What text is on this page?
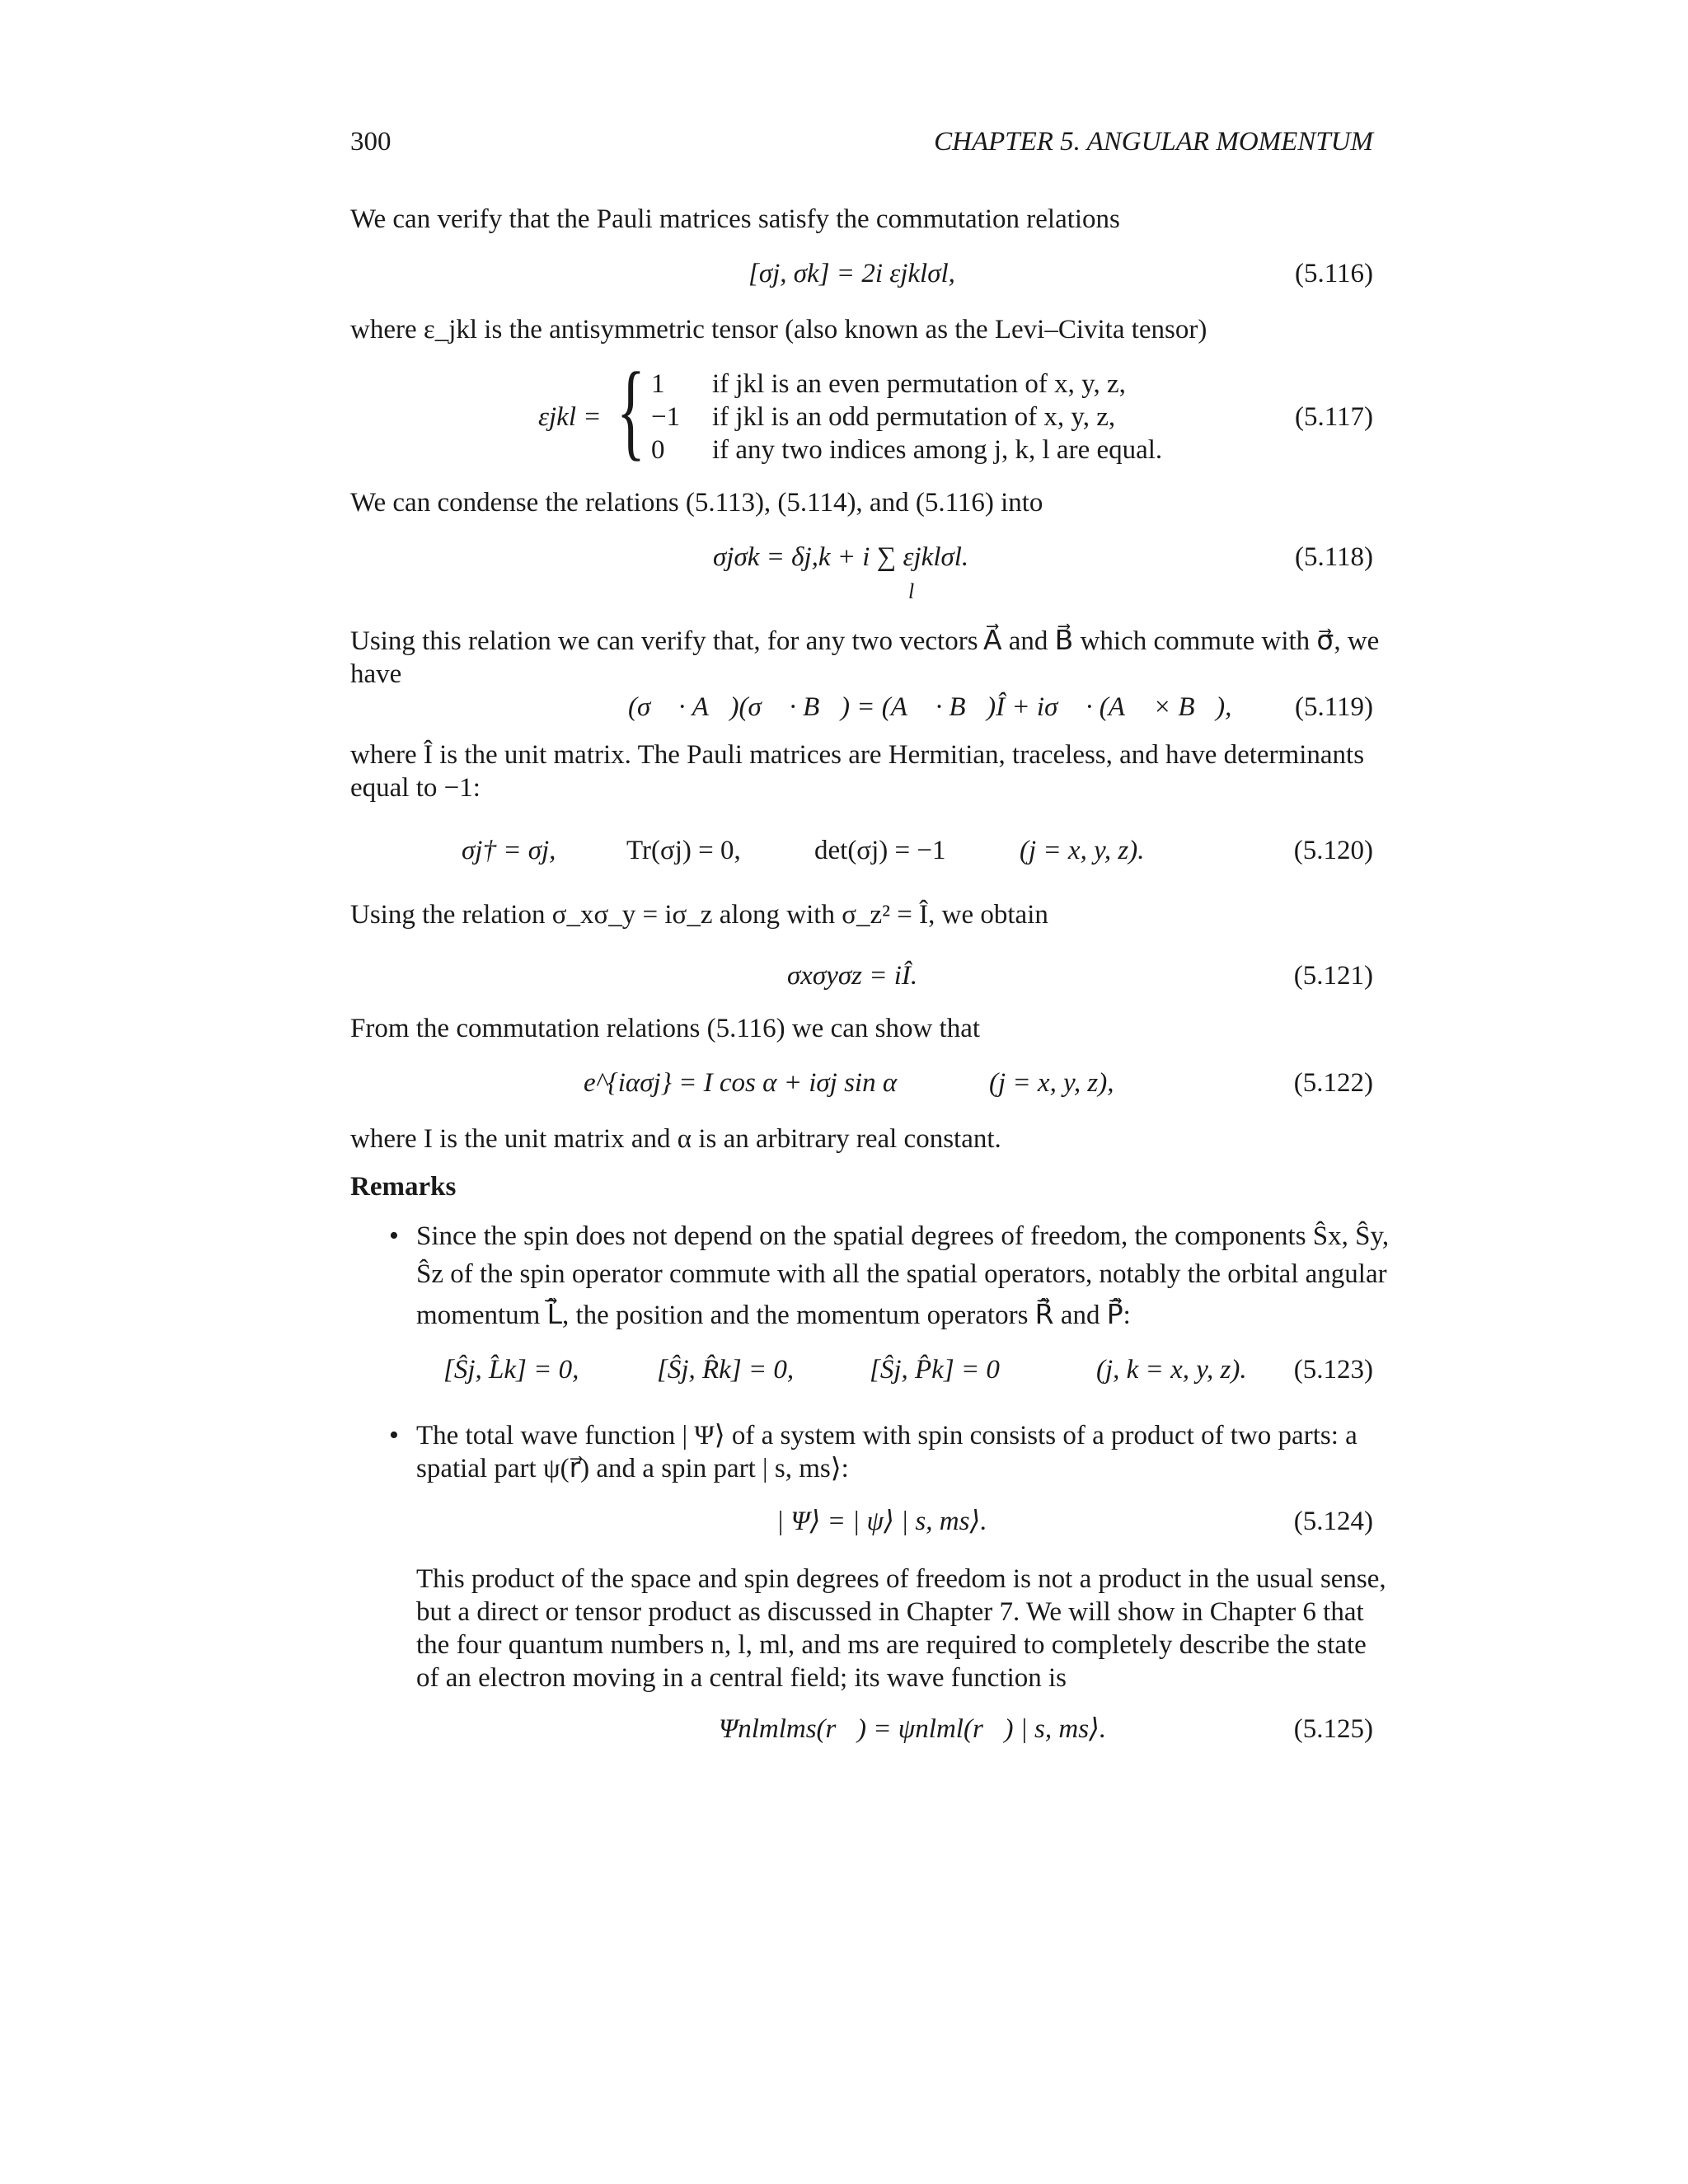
300	CHAPTER 5. ANGULAR MOMENTUM
We can verify that the Pauli matrices satisfy the commutation relations
[σj, σk] = 2i εjklσl,	(5.116)
where ε_jkl is the antisymmetric tensor (also known as the Levi–Civita tensor)
εjkl = { 1	if jkl is an even permutation of x, y, z,
−1	if jkl is an odd permutation of x, y, z,
0	if any two indices among j, k, l are equal.
(5.117)
We can condense the relations (5.113), (5.114), and (5.116) into
σjσk = δj,k + i ∑ εjklσl.
l
(5.118)
Using this relation we can verify that, for any two vectors A⃗ and B⃗ which commute with σ⃗, we
have
(σ⃗ · A⃗)(σ⃗ · B⃗) = (A⃗ · B⃗)Î + iσ⃗ · (A⃗ × B⃗), (5.119)
where Î is the unit matrix. The Pauli matrices are Hermitian, traceless, and have determinants
equal to −1:
σj† = σj,	Tr(σj) = 0,	det(σj) = −1	(j = x, y, z).	(5.120)
Using the relation σ_xσ_y = iσ_z along with σ_z² = Î, we obtain
σxσyσz = iÎ.	(5.121)
From the commutation relations (5.116) we can show that
e^{iασj} = I cos α + iσj sin α	(j = x, y, z),	(5.122)
where I is the unit matrix and α is an arbitrary real constant.
Remarks
• Since the spin does not depend on the spatial degrees of freedom, the components Ŝx, Ŝy,
Ŝz of the spin operator commute with all the spatial operators, notably the orbital angular
momentum L̂⃗, the position and the momentum operators R̂⃗ and P̂⃗:
[Ŝj, L̂k] = 0,	[Ŝj, R̂k] = 0,	[Ŝj, P̂k] = 0	(j, k = x, y, z). (5.123)
• The total wave function | Ψ⟩ of a system with spin consists of a product of two parts: a
spatial part ψ(r⃗) and a spin part | s, ms⟩:
| Ψ⟩ = | ψ⟩ | s, ms⟩.	(5.124)
This product of the space and spin degrees of freedom is not a product in the usual sense,
but a direct or tensor product as discussed in Chapter 7. We will show in Chapter 6 that
the four quantum numbers n, l, ml, and ms are required to completely describe the state
of an electron moving in a central field; its wave function is
Ψnlmlms(r⃗) = ψnlml(r⃗) | s, ms⟩.	(5.125)
